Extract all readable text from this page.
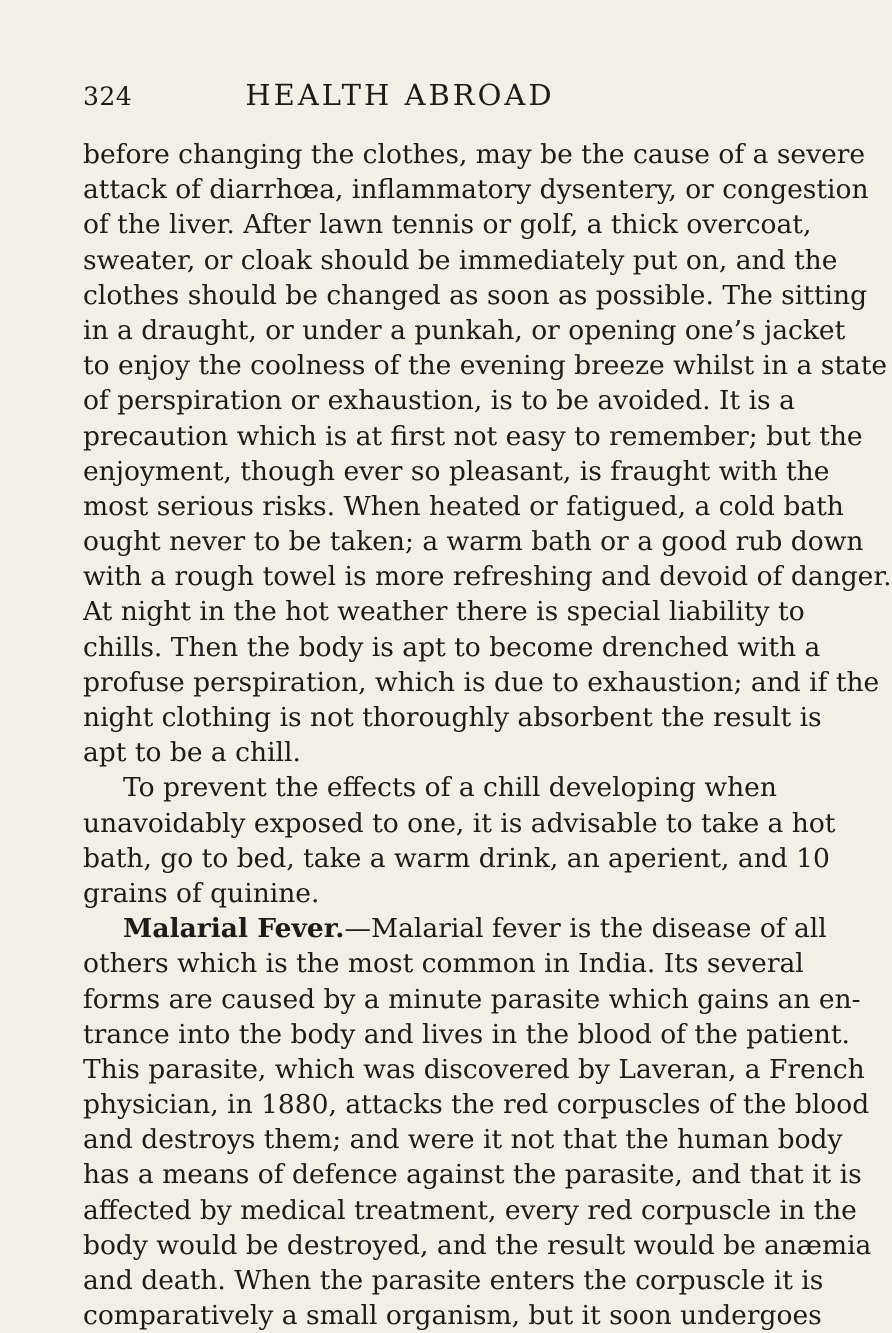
324	HEALTH ABROAD
before changing the clothes, may be the cause of a severe
attack of diarrhœa, inflammatory dysentery, or congestion
of the liver. After lawn tennis or golf, a thick overcoat,
sweater, or cloak should be immediately put on, and the
clothes should be changed as soon as possible. The sitting
in a draught, or under a punkah, or opening one’s jacket
to enjoy the coolness of the evening breeze whilst in a state
of perspiration or exhaustion, is to be avoided. It is a
precaution which is at first not easy to remember; but the
enjoyment, though ever so pleasant, is fraught with the
most serious risks. When heated or fatigued, a cold bath
ought never to be taken; a warm bath or a good rub down
with a rough towel is more refreshing and devoid of danger.
At night in the hot weather there is special liability to
chills. Then the body is apt to become drenched with a
profuse perspiration, which is due to exhaustion; and if the
night clothing is not thoroughly absorbent the result is
apt to be a chill.
To prevent the effects of a chill developing when
unavoidably exposed to one, it is advisable to take a hot
bath, go to bed, take a warm drink, an aperient, and 10
grains of quinine.
Malarial Fever.—Malarial fever is the disease of all
others which is the most common in India. Its several
forms are caused by a minute parasite which gains an en-
trance into the body and lives in the blood of the patient.
This parasite, which was discovered by Laveran, a French
physician, in 1880, attacks the red corpuscles of the blood
and destroys them; and were it not that the human body
has a means of defence against the parasite, and that it is
affected by medical treatment, every red corpuscle in the
body would be destroyed, and the result would be anæmia
and death. When the parasite enters the corpuscle it is
comparatively a small organism, but it soon undergoes
